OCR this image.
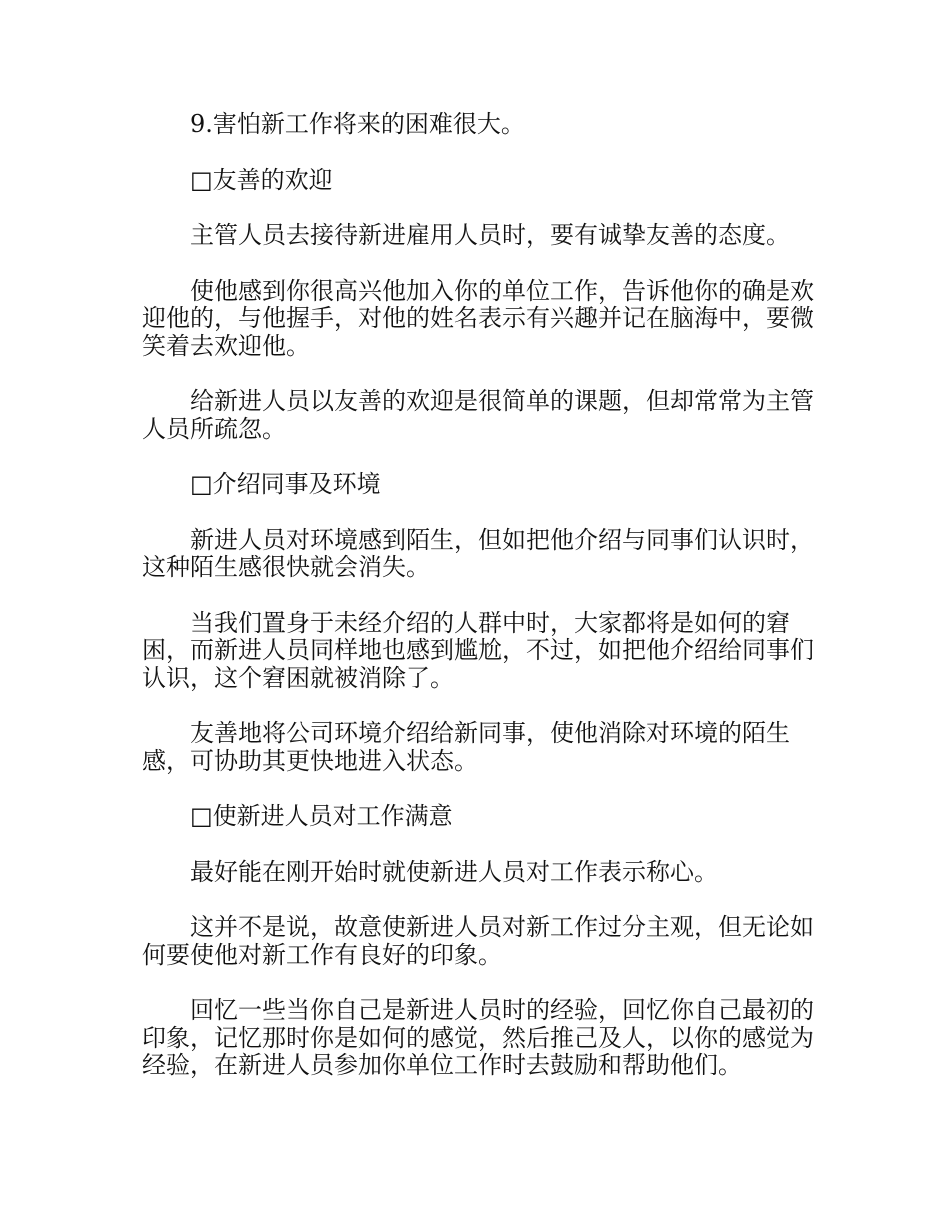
9.害怕新工作将来的困难很大。

□友善的欢迎

主管人员去接待新进雇用人员时，要有诚挚友善的态度。

使他感到你很高兴他加入你的单位工作，告诉他你的确是欢迎他的，与他握手，对他的姓名表示有兴趣并记在脑海中，要微笑着去欢迎他。

给新进人员以友善的欢迎是很简单的课题，但却常常为主管人员所疏忽。

□介绍同事及环境

新进人员对环境感到陌生，但如把他介绍与同事们认识时，这种陌生感很快就会消失。

当我们置身于未经介绍的人群中时，大家都将是如何的窘困，而新进人员同样地也感到尴尬，不过，如把他介绍给同事们认识，这个窘困就被消除了。

友善地将公司环境介绍给新同事，使他消除对环境的陌生感，可协助其更快地进入状态。

□使新进人员对工作满意

最好能在刚开始时就使新进人员对工作表示称心。

这并不是说，故意使新进人员对新工作过分主观，但无论如何要使他对新工作有良好的印象。

回忆一些当你自己是新进人员时的经验，回忆你自己最初的印象，记忆那时你是如何的感觉，然后推己及人，以你的感觉为经验，在新进人员参加你单位工作时去鼓励和帮助他们。
